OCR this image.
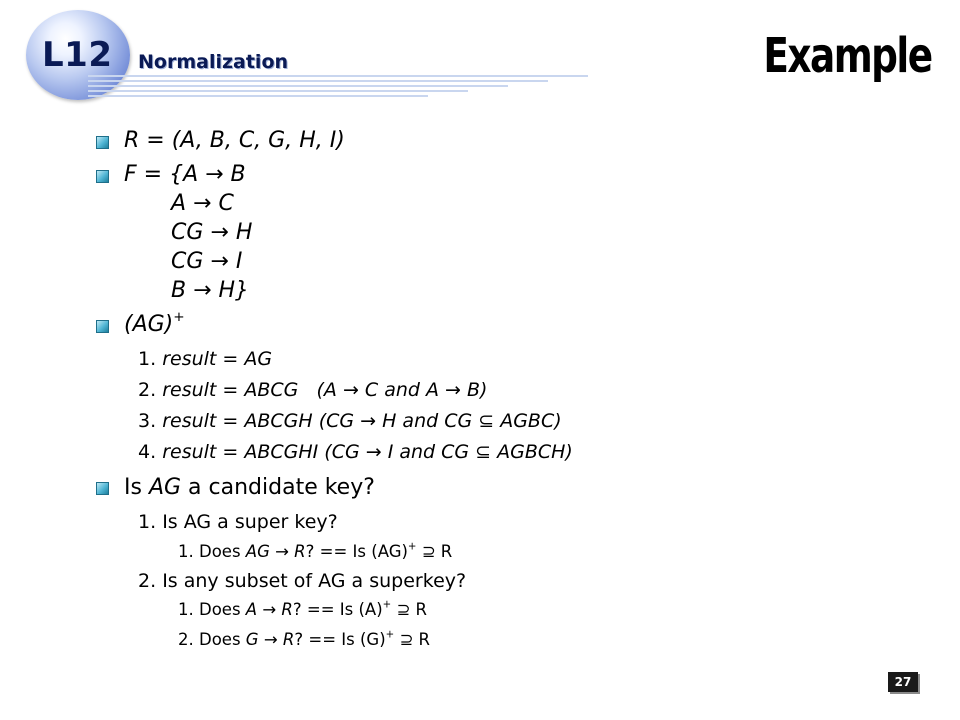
L12 Normalization	Example
R = (A, B, C, G, H, I)
F = {A → B
A → C
CG → H
CG → I
B → H}
(AG)+
1. result = AG
2. result = ABCG   (A → C and A → B)
3. result = ABCGH (CG → H and CG ⊆ AGBC)
4. result = ABCGHI (CG → I and CG ⊆ AGBCH)
Is AG a candidate key?
1. Is AG a super key?
1. Does AG → R? == Is (AG)+ ⊇ R
2. Is any subset of AG a superkey?
1. Does A → R? == Is (A)+ ⊇ R
2. Does G → R? == Is (G)+ ⊇ R
27
